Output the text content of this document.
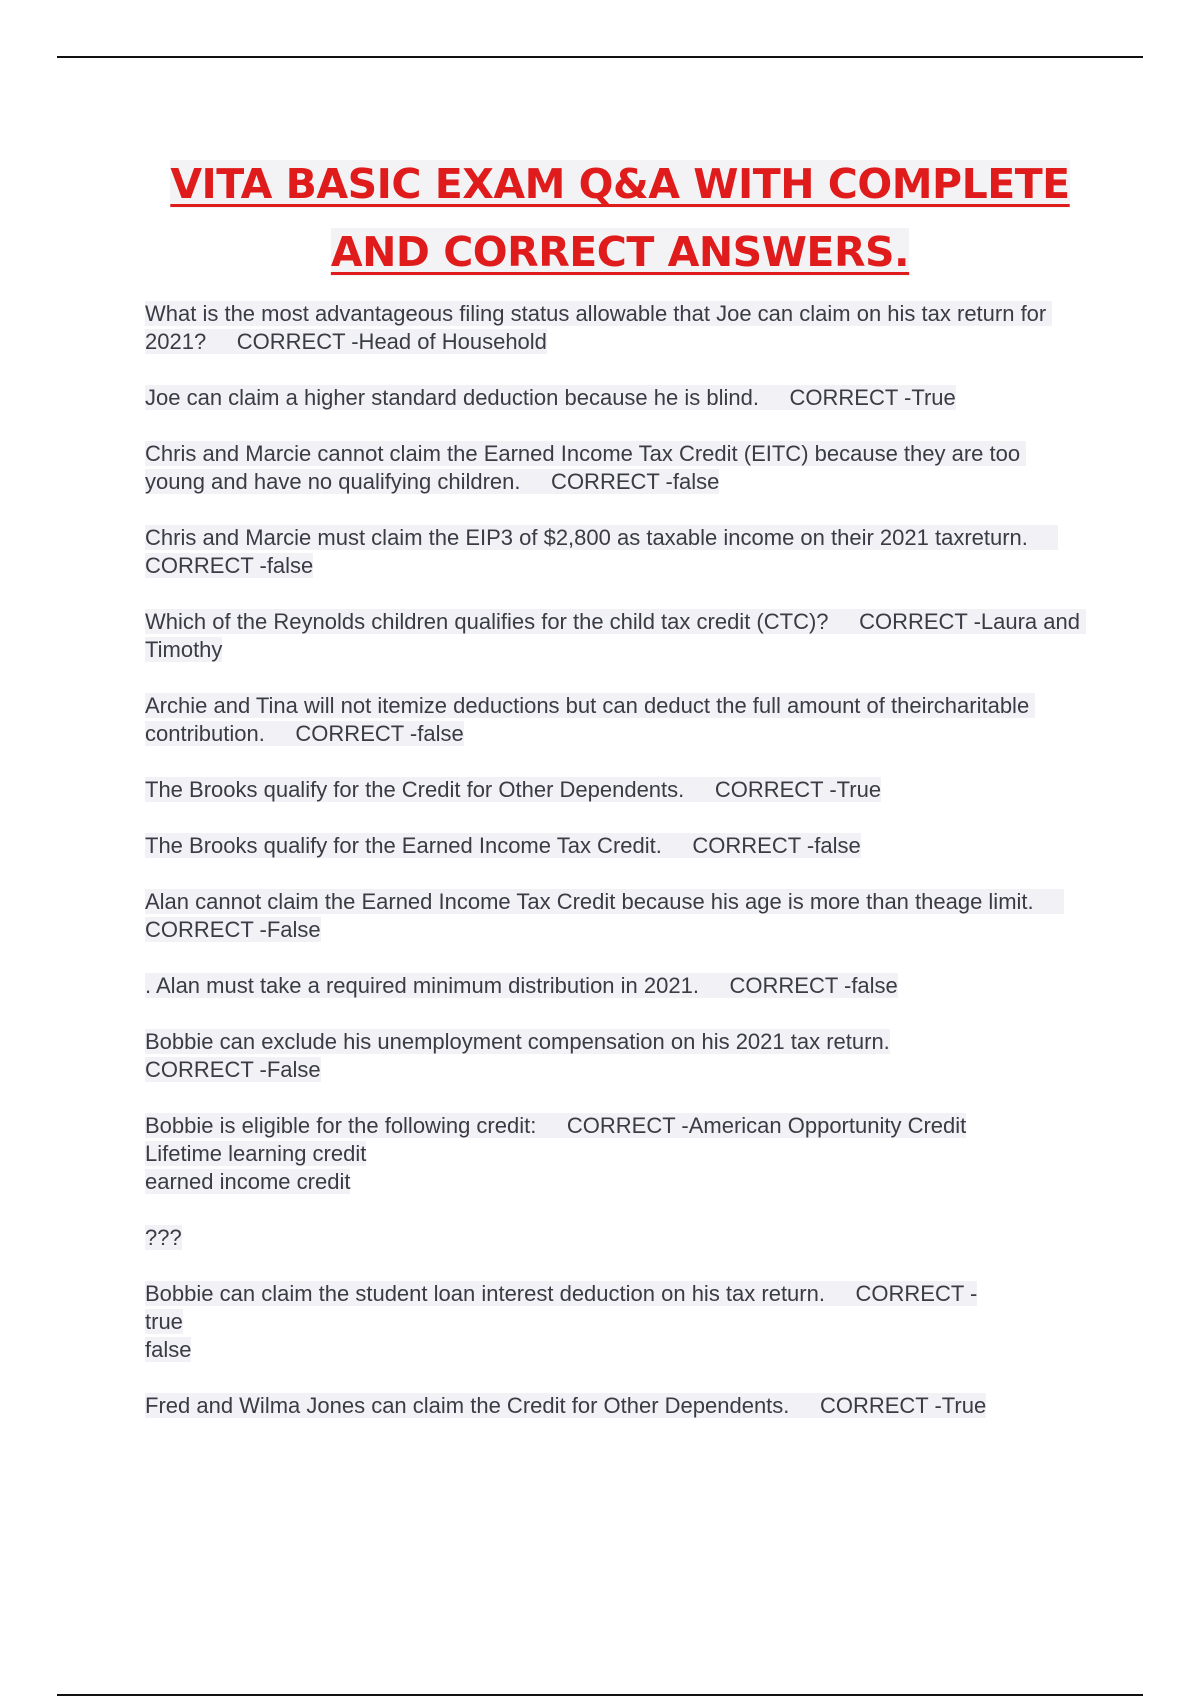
VITA BASIC EXAM Q&A WITH COMPLETE
AND CORRECT ANSWERS.
What is the most advantageous filing status allowable that Joe can claim on his tax return for 2021?     CORRECT -Head of Household
Joe can claim a higher standard deduction because he is blind.     CORRECT -True
Chris and Marcie cannot claim the Earned Income Tax Credit (EITC) because they are too young and have no qualifying children.     CORRECT -false
Chris and Marcie must claim the EIP3 of $2,800 as taxable income on their 2021 taxreturn.     CORRECT -false
Which of the Reynolds children qualifies for the child tax credit (CTC)?     CORRECT -Laura and Timothy
Archie and Tina will not itemize deductions but can deduct the full amount of theircharitable contribution.     CORRECT -false
The Brooks qualify for the Credit for Other Dependents.     CORRECT -True
The Brooks qualify for the Earned Income Tax Credit.     CORRECT -false
Alan cannot claim the Earned Income Tax Credit because his age is more than theage limit.     CORRECT -False
. Alan must take a required minimum distribution in 2021.     CORRECT -false
Bobbie can exclude his unemployment compensation on his 2021 tax return.
CORRECT -False
Bobbie is eligible for the following credit:     CORRECT -American Opportunity Credit
Lifetime learning credit
earned income credit
???
Bobbie can claim the student loan interest deduction on his tax return.     CORRECT -
true
false
Fred and Wilma Jones can claim the Credit for Other Dependents.     CORRECT -True
